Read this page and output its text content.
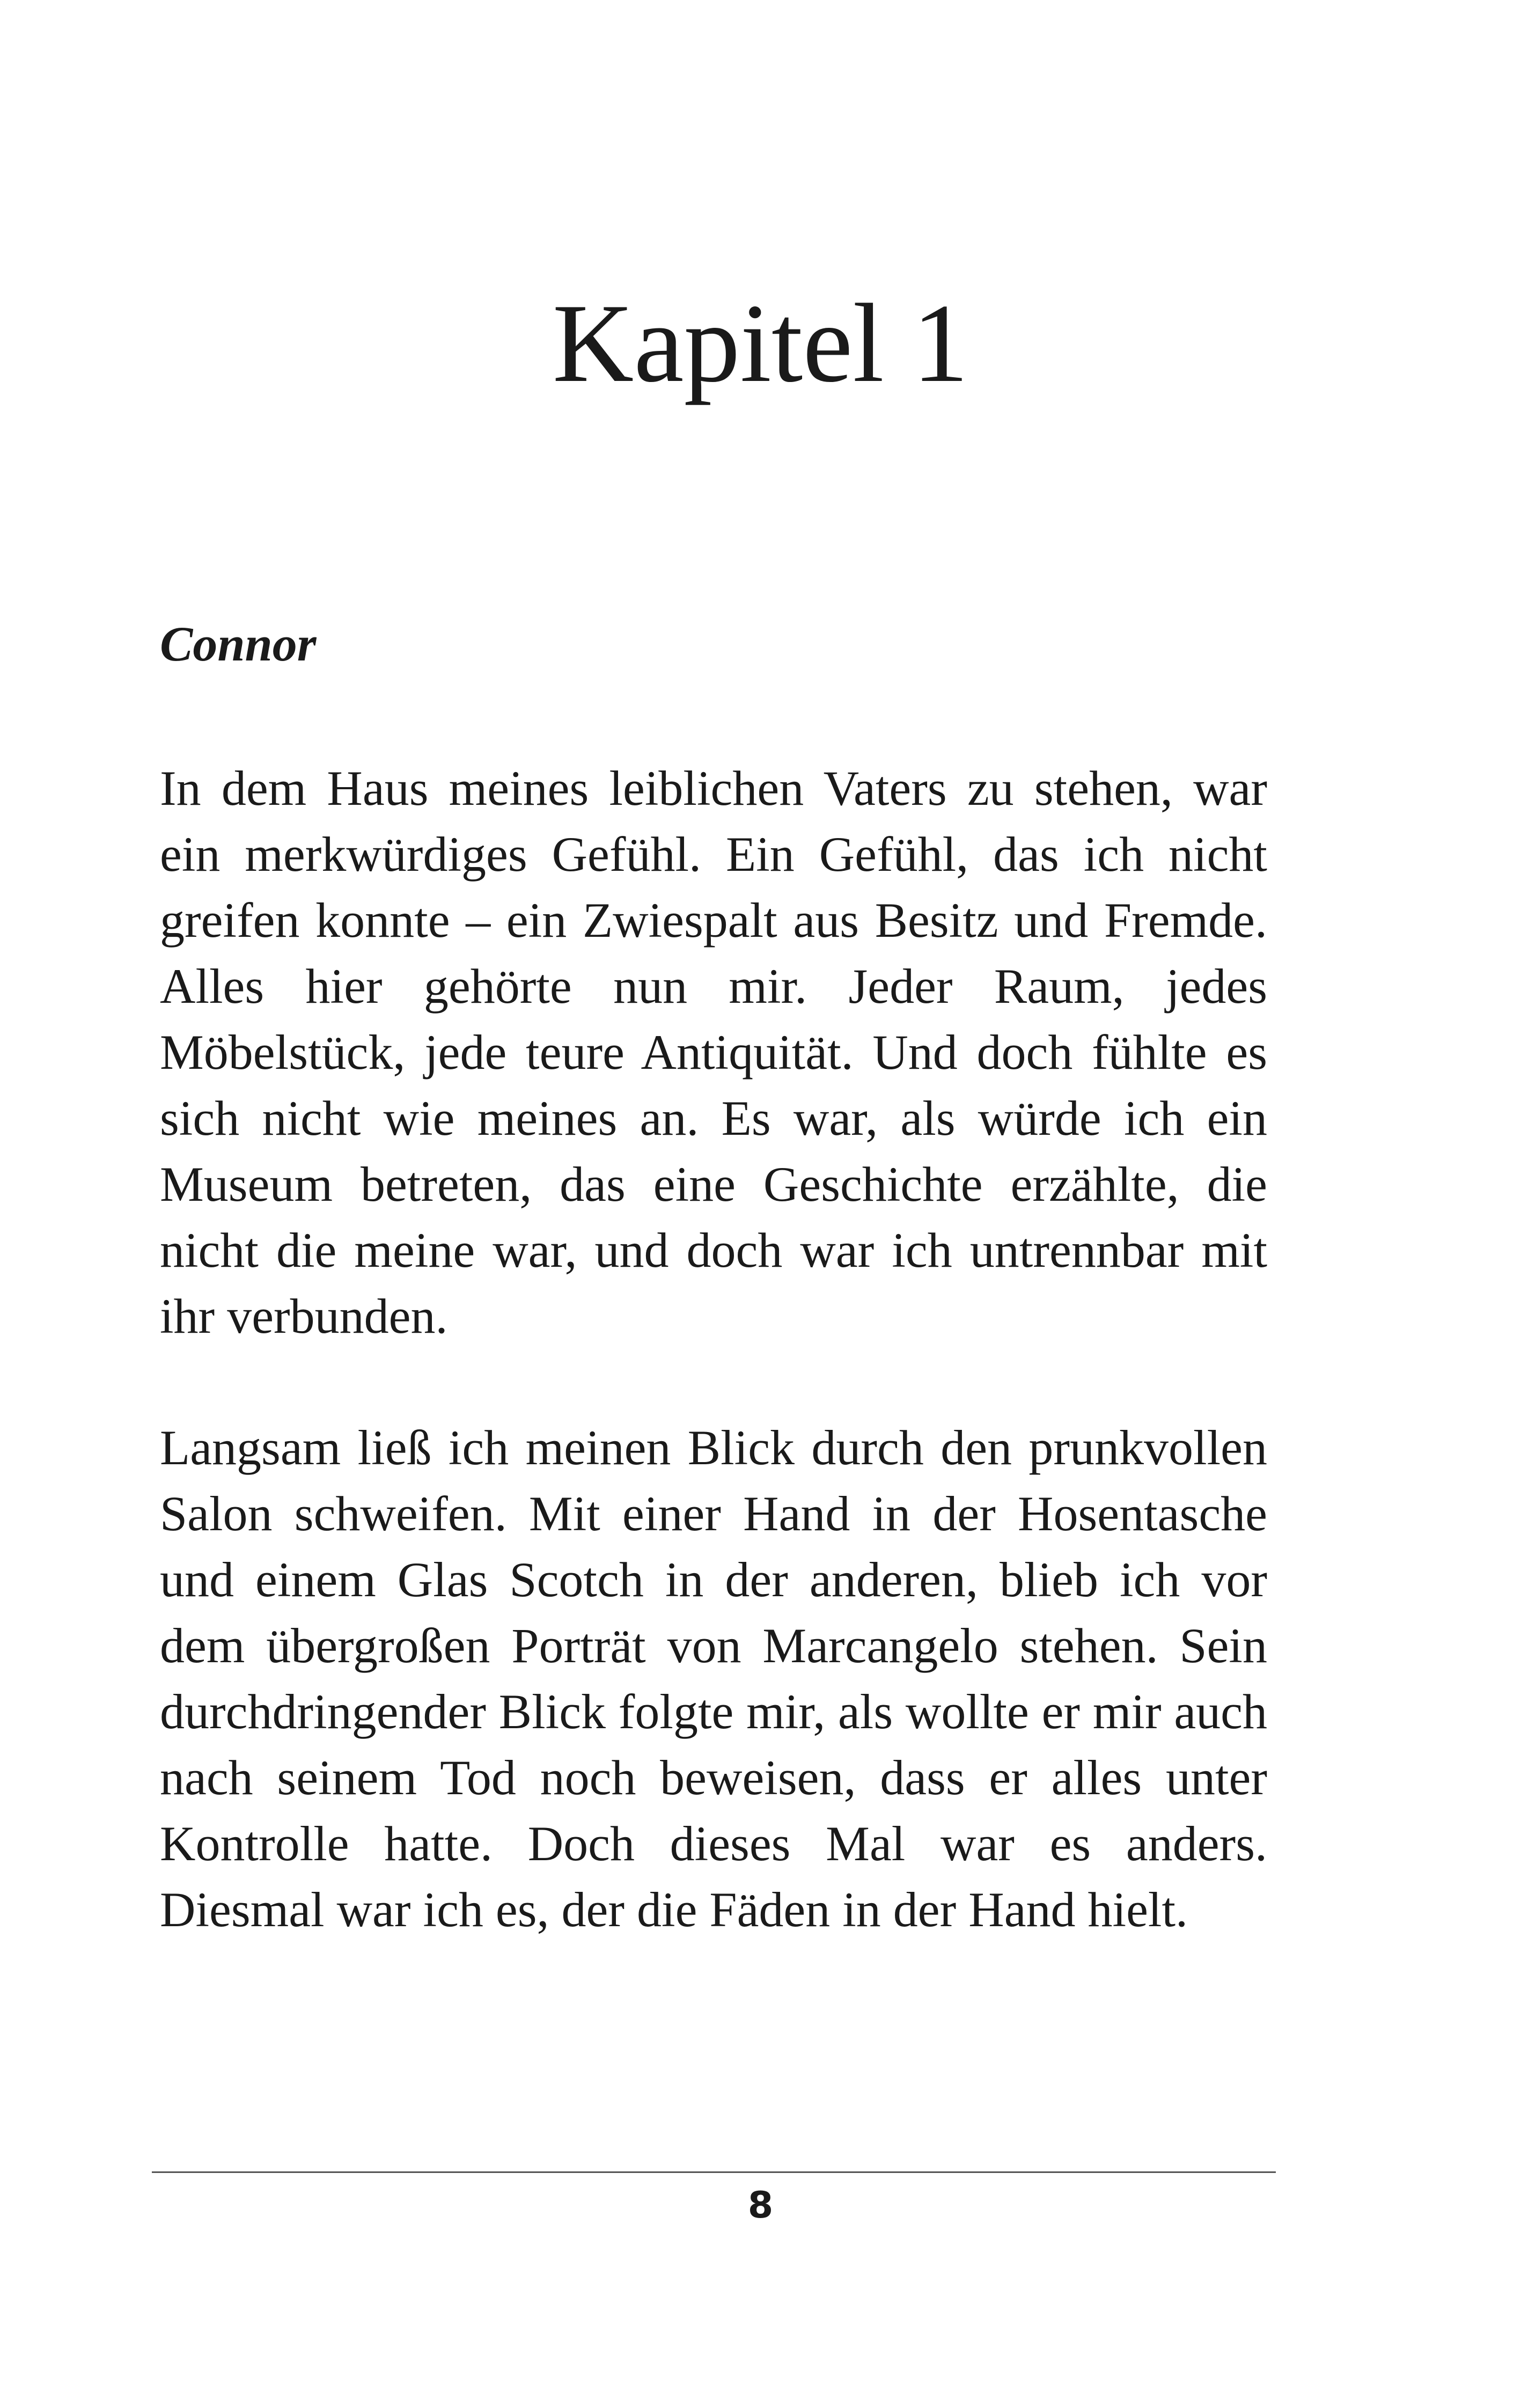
Kapitel 1

Connor

In dem Haus meines leiblichen Vaters zu stehen, war ein merkwürdiges Gefühl. Ein Gefühl, das ich nicht greifen konnte – ein Zwiespalt aus Besitz und Fremde. Alles hier gehörte nun mir. Jeder Raum, jedes Möbelstück, jede teure Antiquität. Und doch fühlte es sich nicht wie meines an. Es war, als würde ich ein Museum betreten, das eine Geschichte erzählte, die nicht die meine war, und doch war ich untrennbar mit ihr verbunden.

Langsam ließ ich meinen Blick durch den prunkvollen Salon schweifen. Mit einer Hand in der Hosentasche und einem Glas Scotch in der anderen, blieb ich vor dem übergroßen Porträt von Marcangelo stehen. Sein durchdringender Blick folgte mir, als wollte er mir auch nach seinem Tod noch beweisen, dass er alles unter Kontrolle hatte. Doch dieses Mal war es anders. Diesmal war ich es, der die Fäden in der Hand hielt.

8
